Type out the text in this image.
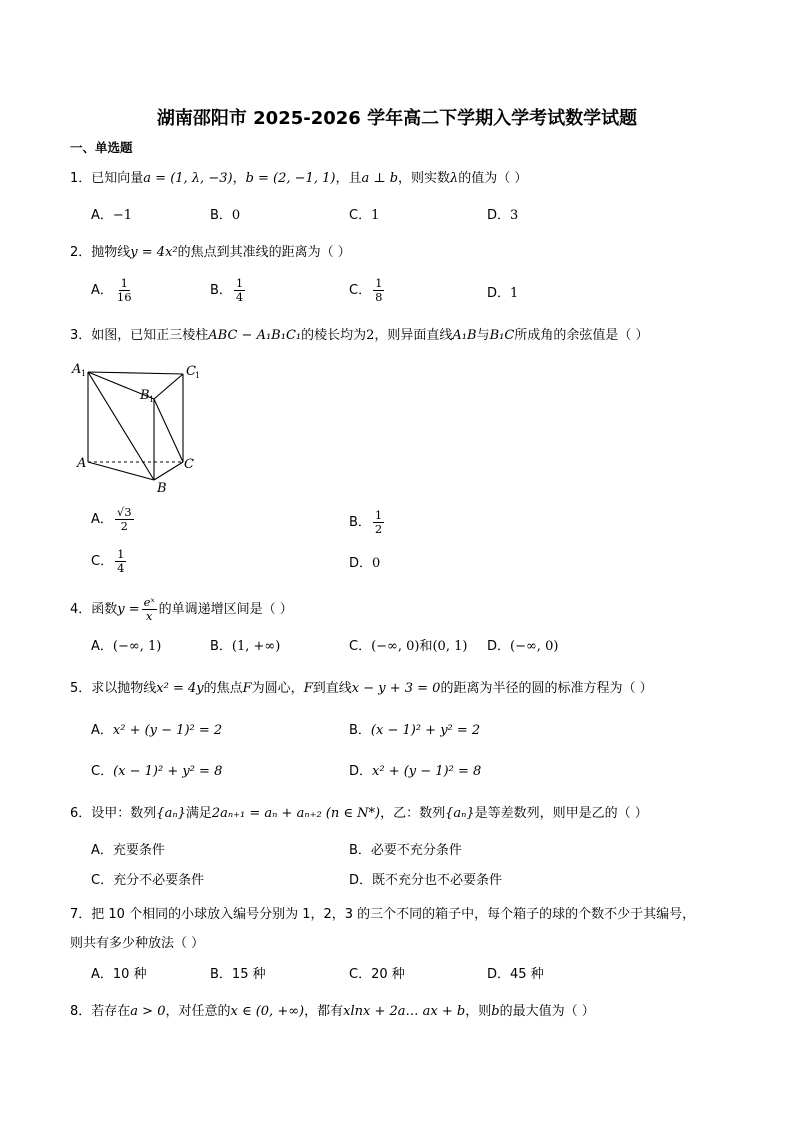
湖南邵阳市 2025-2026 学年高二下学期入学考试数学试题
一、单选题
1．已知向量a = (1, λ, −3)，b = (2, −1, 1)，且a ⊥ b，则实数λ的值为（ ）
A．−1	B．0	C．1	D．3
2．抛物线y = 4x²的焦点到其准线的距离为（ ）
A． $\frac{1}{16}$	B． $\frac{1}{4}$	C． $\frac{1}{8}$	D．1
3．如图，已知正三棱柱ABC − A₁B₁C₁的棱长均为2，则异面直线A₁B与B₁C所成角的余弦值是（ ）
A 1	C 1
B 1
A	C
B
A． $\frac{√3}{2}$	B． $\frac{1}{2}$
C． $\frac{1}{4}$	D．0
4．函数$y = \frac{\text{eˣ}}{x}$ 的单调递增区间是（ ）
A．(−∞, 1)	B．(1, +∞)	C．(−∞, 0)和(0, 1) D．(−∞, 0)
5．求以抛物线x² = 4y的焦点F为圆心，F到直线x − y + 3 = 0的距离为半径的圆的标准方程为（ ）
A．x² + (y − 1)² = 2	B．(x − 1)² + y² = 2
C．(x − 1)² + y² = 8	D．x² + (y − 1)² = 8
6．设甲：数列{aₙ}满足2aₙ₊₁ = aₙ + aₙ₊₂ (n ∈ N*)，乙：数列{aₙ}是等差数列，则甲是乙的（ ）
A．充要条件	B．必要不充分条件
C．充分不必要条件	D．既不充分也不必要条件
7．把 10 个相同的小球放入编号分别为 1，2，3 的三个不同的箱子中，每个箱子的球的个数不少于其编号，
则共有多少种放法（ ）
A．10 种	B．15 种	C．20 种	D．45 种
8．若存在a > 0，对任意的x ∈ (0, +∞)，都有xlnx + 2a… ax + b，则b的最大值为（ ）
